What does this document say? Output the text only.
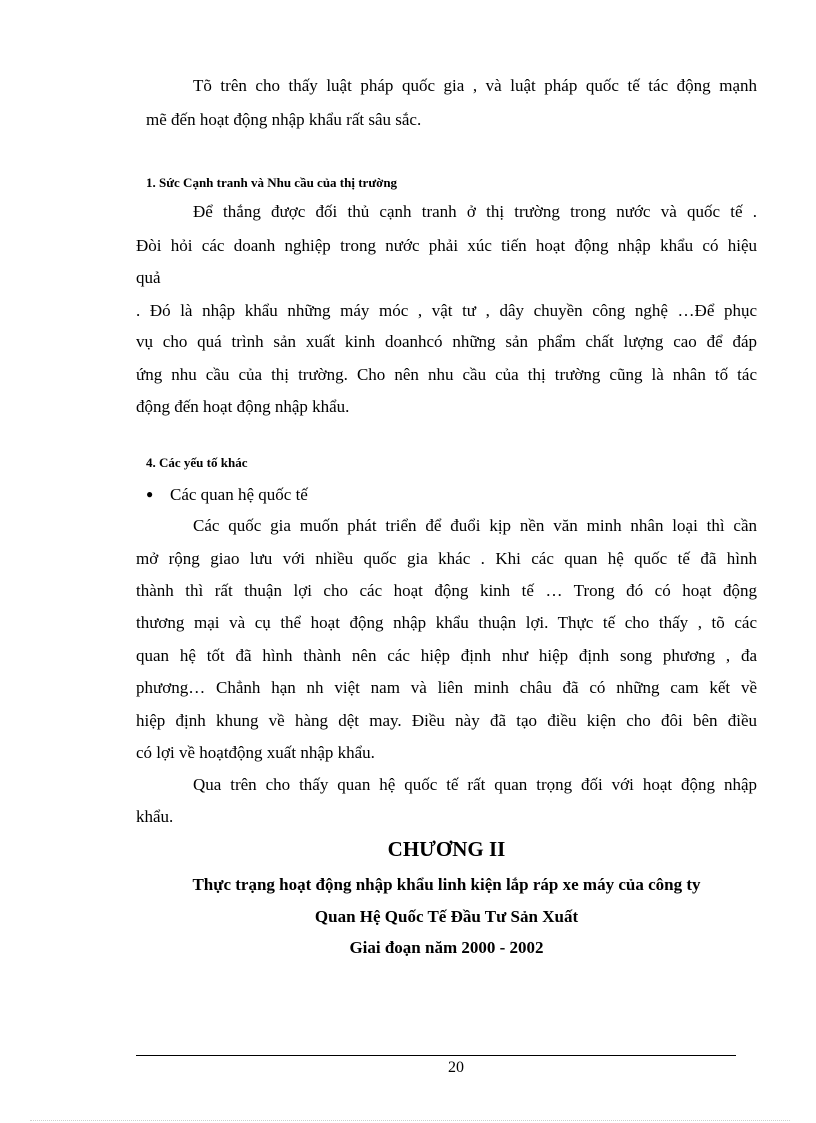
Tõ trên cho thấy luật pháp quốc gia , và luật pháp quốc tế tác động mạnh
mẽ đến hoạt động nhập khẩu rất sâu sắc.
1. Sức Cạnh tranh và Nhu cầu của thị trường
Để thắng được đối thủ cạnh tranh ở thị trường trong nước và quốc tế .
Đòi hỏi các doanh nghiệp trong nước phải xúc tiến hoạt động nhập khẩu có hiệu
quả
. Đó là nhập khẩu những máy móc , vật tư , dây chuyền công nghệ …Để phục
vụ cho quá trình sản xuất kinh doanhcó những sản phẩm chất lượng cao để đáp
ứng nhu cầu của thị trường. Cho nên nhu cầu của thị trường cũng là nhân tố tác
động đến hoạt động nhập khẩu.
4. Các yếu tố khác
● Các quan hệ quốc tế
Các quốc gia muốn phát triển để đuổi kịp nền văn minh nhân loại thì cần
mở rộng giao lưu với nhiều quốc gia khác . Khi các quan hệ quốc tế đã hình
thành thì rất thuận lợi cho các hoạt động kinh tế … Trong đó có hoạt động
thương mại và cụ thể hoạt động nhập khẩu thuận lợi. Thực tế cho thấy , tõ các
quan hệ tốt đã hình thành nên các hiệp định như hiệp định song phương , đa
phương… Chẳnh hạn nh việt nam và liên minh châu đã có những cam kết về
hiệp định khung về hàng dệt may. Điều này đã tạo điều kiện cho đôi bên điều
có lợi về hoạtđộng xuất nhập khẩu.
Qua trên cho thấy quan hệ quốc tế rất quan trọng đối với hoạt động nhập
khẩu.
CHƯƠNG II
Thực trạng hoạt động nhập khẩu linh kiện lắp ráp xe máy của công ty
Quan Hệ Quốc Tế Đầu Tư Sản Xuất
Giai đoạn năm 2000 - 2002
20
